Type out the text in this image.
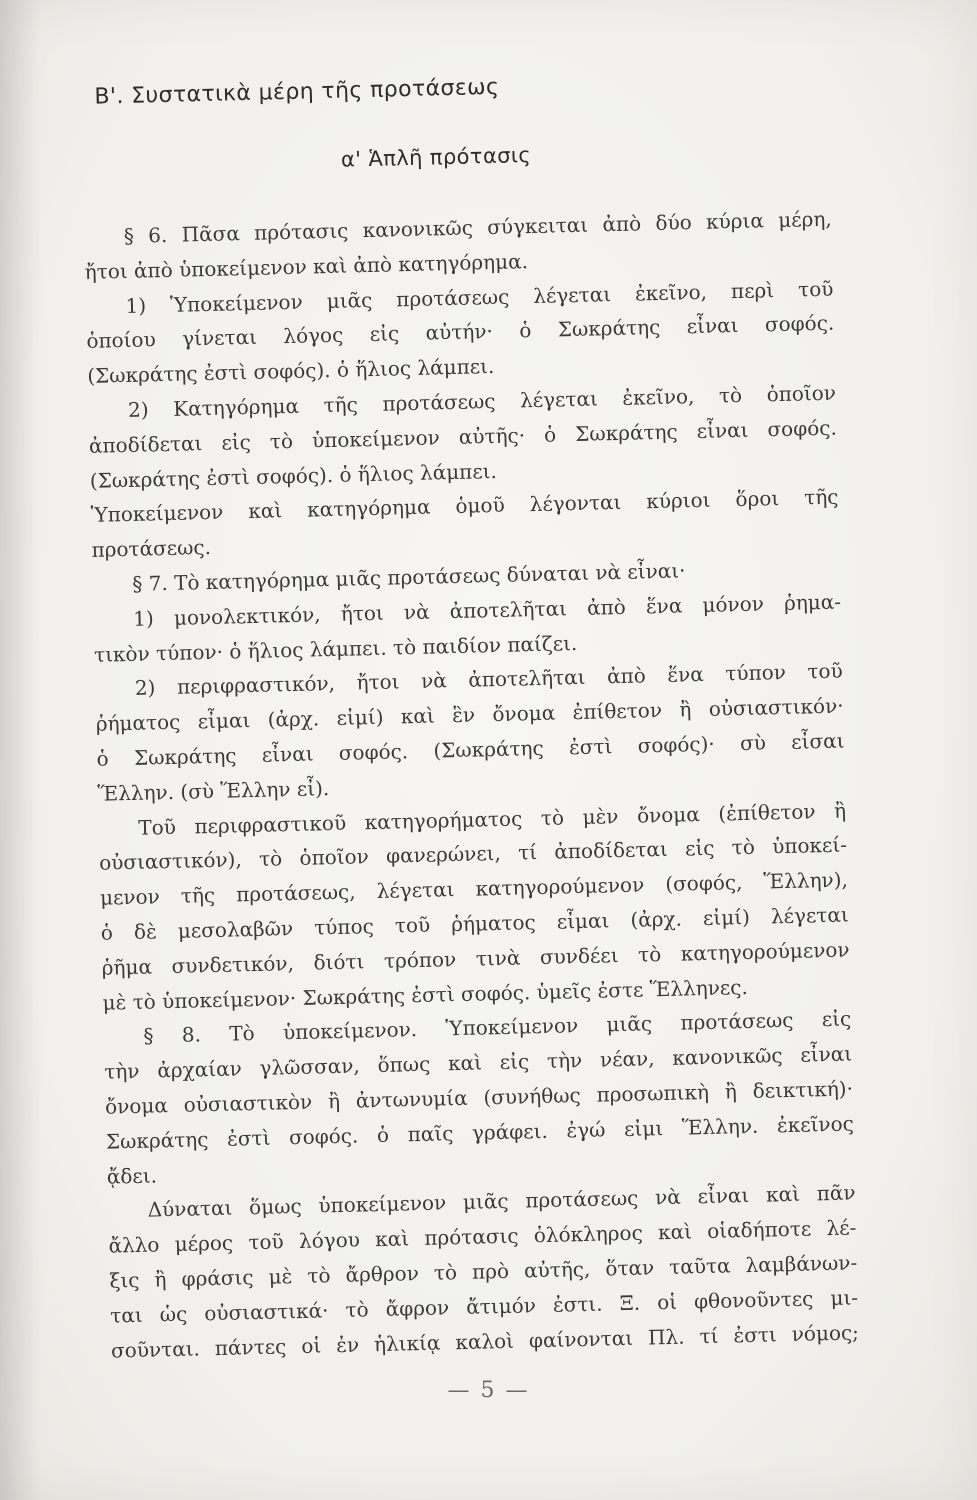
Β'. Συστατικὰ μέρη τῆς προτάσεως
α' Ἁπλῆ πρότασις
§ 6. Πᾶσα πρότασις κανονικῶς σύγκειται ἀπὸ δύο κύρια μέρη,
ἤτοι ἀπὸ ὑποκείμενον καὶ ἀπὸ κατηγόρημα.
1) Ὑποκείμενον μιᾶς προτάσεως λέγεται ἐκεῖνο, περὶ τοῦ
ὁποίου γίνεται λόγος εἰς αὐτήν· ὁ Σωκράτης εἶναι σοφός.
(Σωκράτης ἐστὶ σοφός). ὁ ἥλιος λάμπει.
2) Κατηγόρημα τῆς προτάσεως λέγεται ἐκεῖνο, τὸ ὁποῖον
ἀποδίδεται εἰς τὸ ὑποκείμενον αὐτῆς· ὁ Σωκράτης εἶναι σοφός.
(Σωκράτης ἐστὶ σοφός). ὁ ἥλιος λάμπει.
Ὑποκείμενον καὶ κατηγόρημα ὁμοῦ λέγονται κύριοι ὅροι τῆς
προτάσεως.
§ 7. Τὸ κατηγόρημα μιᾶς προτάσεως δύναται νὰ εἶναι·
1) μονολεκτικόν, ἤτοι νὰ ἀποτελῆται ἀπὸ ἕνα μόνον ῥημα-
τικὸν τύπον· ὁ ἥλιος λάμπει. τὸ παιδίον παίζει.
2) περιφραστικόν, ἤτοι νὰ ἀποτελῆται ἀπὸ ἕνα τύπον τοῦ
ῥήματος εἶμαι (ἀρχ. εἰμί) καὶ ἓν ὄνομα ἐπίθετον ἢ οὐσιαστικόν·
ὁ Σωκράτης εἶναι σοφός. (Σωκράτης ἐστὶ σοφός)· σὺ εἶσαι
Ἕλλην. (σὺ Ἕλλην εἶ).
Τοῦ περιφραστικοῦ κατηγορήματος τὸ μὲν ὄνομα (ἐπίθετον ἢ
οὐσιαστικόν), τὸ ὁποῖον φανερώνει, τί ἀποδίδεται εἰς τὸ ὑποκεί-
μενον τῆς προτάσεως, λέγεται κατηγορούμενον (σοφός, Ἕλλην),
ὁ δὲ μεσολαβῶν τύπος τοῦ ῥήματος εἶμαι (ἀρχ. εἰμί) λέγεται
ῥῆμα συνδετικόν, διότι τρόπον τινὰ συνδέει τὸ κατηγορούμενον
μὲ τὸ ὑποκείμενον· Σωκράτης ἐστὶ σοφός. ὑμεῖς ἐστε Ἕλληνες.
§ 8. Τὸ ὑποκείμενον. Ὑποκείμενον μιᾶς προτάσεως εἰς
τὴν ἀρχαίαν γλῶσσαν, ὅπως καὶ εἰς τὴν νέαν, κανονικῶς εἶναι
ὄνομα οὐσιαστικὸν ἢ ἀντωνυμία (συνήθως προσωπικὴ ἢ δεικτική)·
Σωκράτης ἐστὶ σοφός. ὁ παῖς γράφει. ἐγώ εἰμι Ἕλλην. ἐκεῖνος
ᾄδει.
Δύναται ὅμως ὑποκείμενον μιᾶς προτάσεως νὰ εἶναι καὶ πᾶν
ἄλλο μέρος τοῦ λόγου καὶ πρότασις ὁλόκληρος καὶ οἱαδήποτε λέ-
ξις ἢ φράσις μὲ τὸ ἄρθρον τὸ πρὸ αὐτῆς, ὅταν ταῦτα λαμβάνων-
ται ὡς οὐσιαστικά· τὸ ἄφρον ἄτιμόν ἐστι. Ξ. οἱ φθονοῦντες μι-
σοῦνται. πάντες οἱ ἐν ἡλικίᾳ καλοὶ φαίνονται Πλ. τί ἐστι νόμος;
— 5 —
